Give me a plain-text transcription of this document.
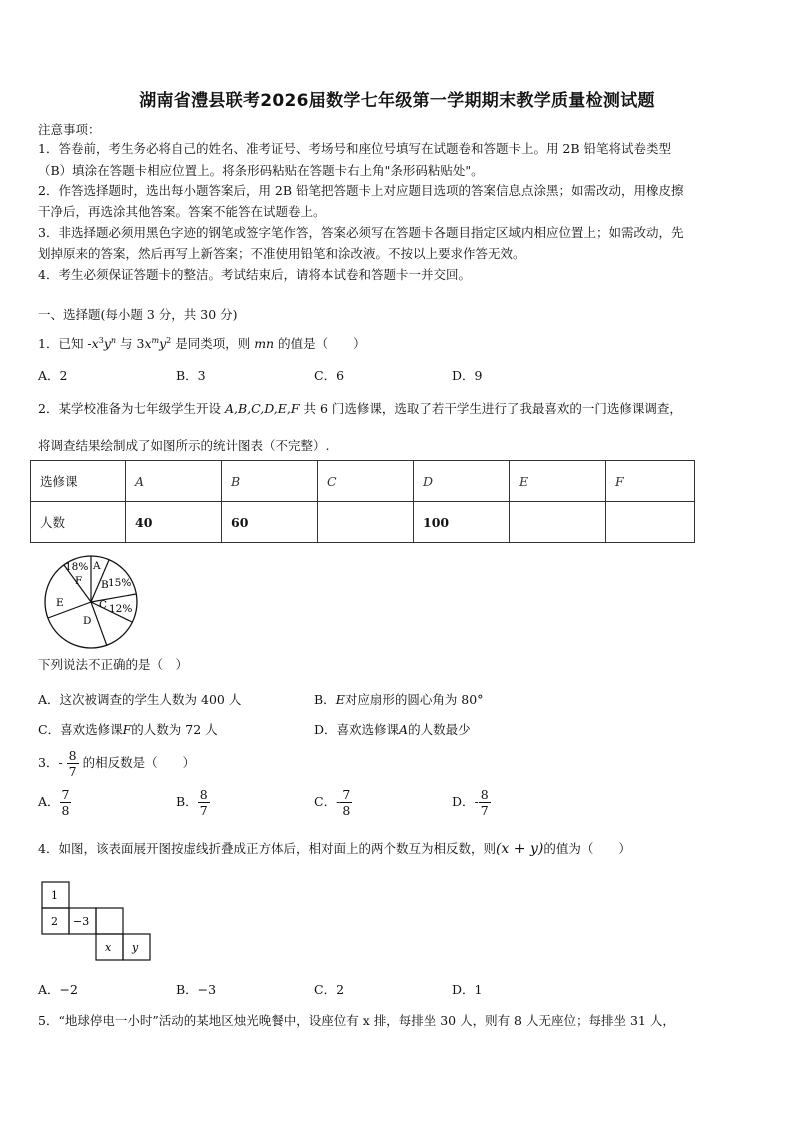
湖南省澧县联考2026届数学七年级第一学期期末教学质量检测试题
注意事项：
1．答卷前，考生务必将自己的姓名、准考证号、考场号和座位号填写在试题卷和答题卡上。用 2B 铅笔将试卷类型
（B）填涂在答题卡相应位置上。将条形码粘贴在答题卡右上角"条形码粘贴处"。
2．作答选择题时，选出每小题答案后，用 2B 铅笔把答题卡上对应题目选项的答案信息点涂黑；如需改动，用橡皮擦
干净后，再选涂其他答案。答案不能答在试题卷上。
3．非选择题必须用黑色字迹的钢笔或签字笔作答，答案必须写在答题卡各题目指定区域内相应位置上；如需改动，先
划掉原来的答案，然后再写上新答案；不准使用铅笔和涂改液。不按以上要求作答无效。
4．考生必须保证答题卡的整洁。考试结束后，请将本试卷和答题卡一并交回。
一、选择题(每小题 3 分，共 30 分)
1．已知 $-x^3y^n$ 与 $3x^my^2$ 是同类项，则 mn 的值是（　　）
A．2	B．3	C．6	D．9
2．某学校准备为七年级学生开设 A,B,C,D,E,F 共 6 门选修课，选取了若干学生进行了我最喜欢的一门选修课调查，
将调查结果绘制成了如图所示的统计图表（不完整）.
选修课	A	B	C	D	E	F
人数	40	60		100		
18%
F
A
B 15%
C 12%
E
D
下列说法不正确的是（　）
A．这次被调查的学生人数为 400 人	B．E对应扇形的圆心角为 80°
C．喜欢选修课F的人数为 72 人	D．喜欢选修课A的人数最少
3．- $\frac{8}{7}$ 的相反数是（　　）
A． $\frac{7}{8}$	B． $\frac{8}{7}$	C．- $\frac{7}{8}$	D．- $\frac{8}{7}$
4．如图，该表面展开图按虚线折叠成正方体后，相对面上的两个数互为相反数，则(x + y)的值为（　　）
1
2 −3
x y
A．−2	B．−3	C．2	D．1
5．“地球停电一小时”活动的某地区烛光晚餐中，设座位有 x 排，每排坐 30 人，则有 8 人无座位；每排坐 31 人，
